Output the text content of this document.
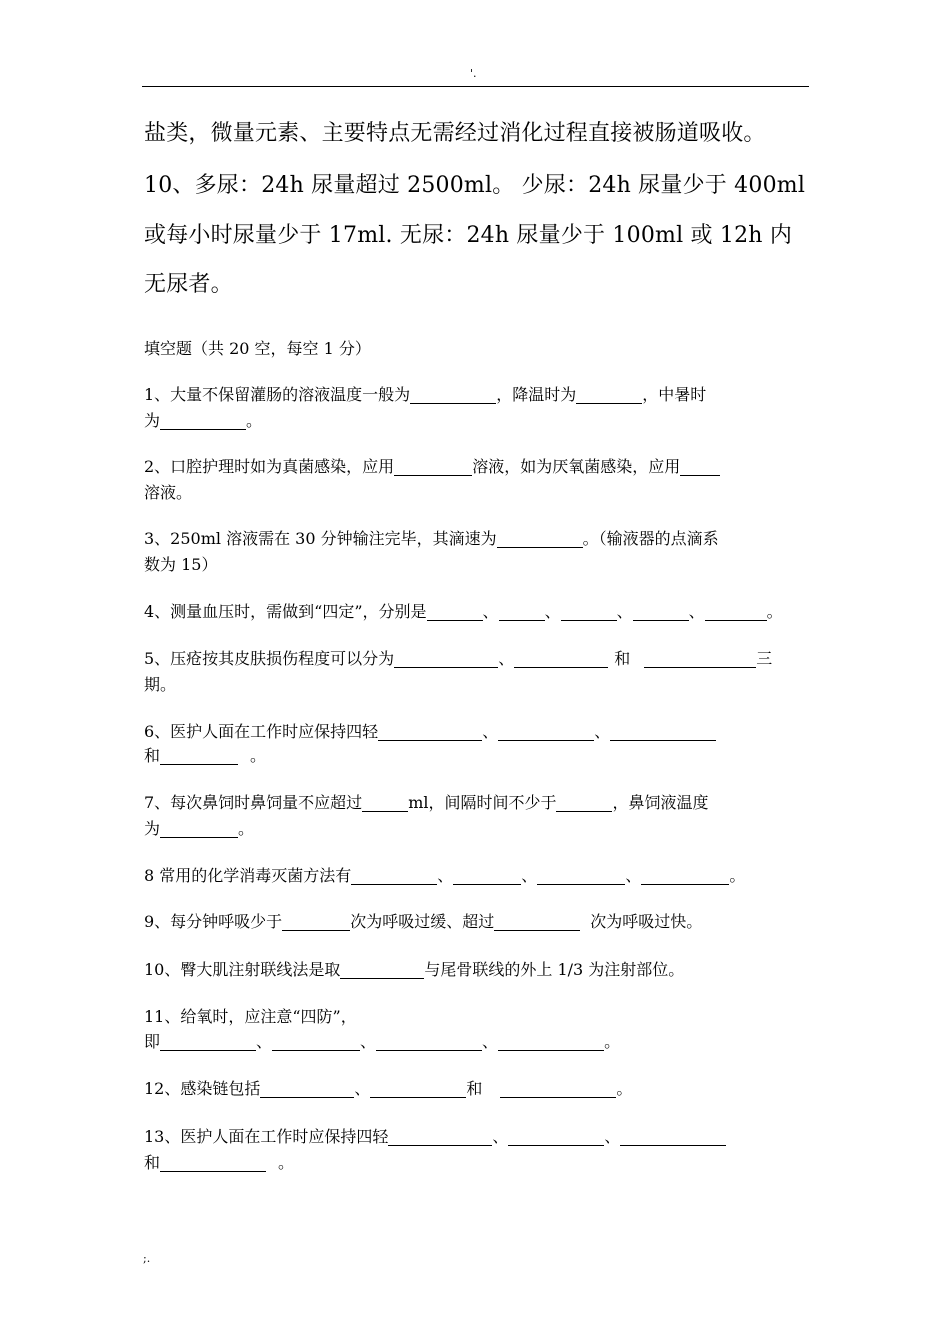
'.
盐类，微量元素、主要特点无需经过消化过程直接被肠道吸收。
10、多尿：24h 尿量超过 2500ml。 少尿：24h 尿量少于 400ml
或每小时尿量少于 17ml. 无尿：24h 尿量少于 100ml 或 12h 内
无尿者。
填空题（共 20 空，每空 1 分）
1、大量不保留灌肠的溶液温度一般为	，降温时为	，中暑时
为	。
2、口腔护理时如为真菌感染，应用	溶液，如为厌氧菌感染，应用
溶液。
3、250ml 溶液需在 30 分钟输注完毕，其滴速为	。（输液器的点滴系
数为 15）
4、测量血压时，需做到“四定”，分别是	、	、	、	、	。
5、压疮按其皮肤损伤程度可以分为	、	和	三
期。
6、医护人面在工作时应保持四轻	、	、
和	。
7、每次鼻饲时鼻饲量不应超过	ml，间隔时间不少于	，鼻饲液温度
为	。
8 常用的化学消毒灭菌方法有	、	、	、	。
9、每分钟呼吸少于	次为呼吸过缓、超过	次为呼吸过快。
10、臀大肌注射联线法是取	与尾骨联线的外上 1/3 为注射部位。
11、给氧时，应注意“四防”，
即	、	、	、	。
12、感染链包括	、	和	。
13、医护人面在工作时应保持四轻	、	、
和	。
;.
